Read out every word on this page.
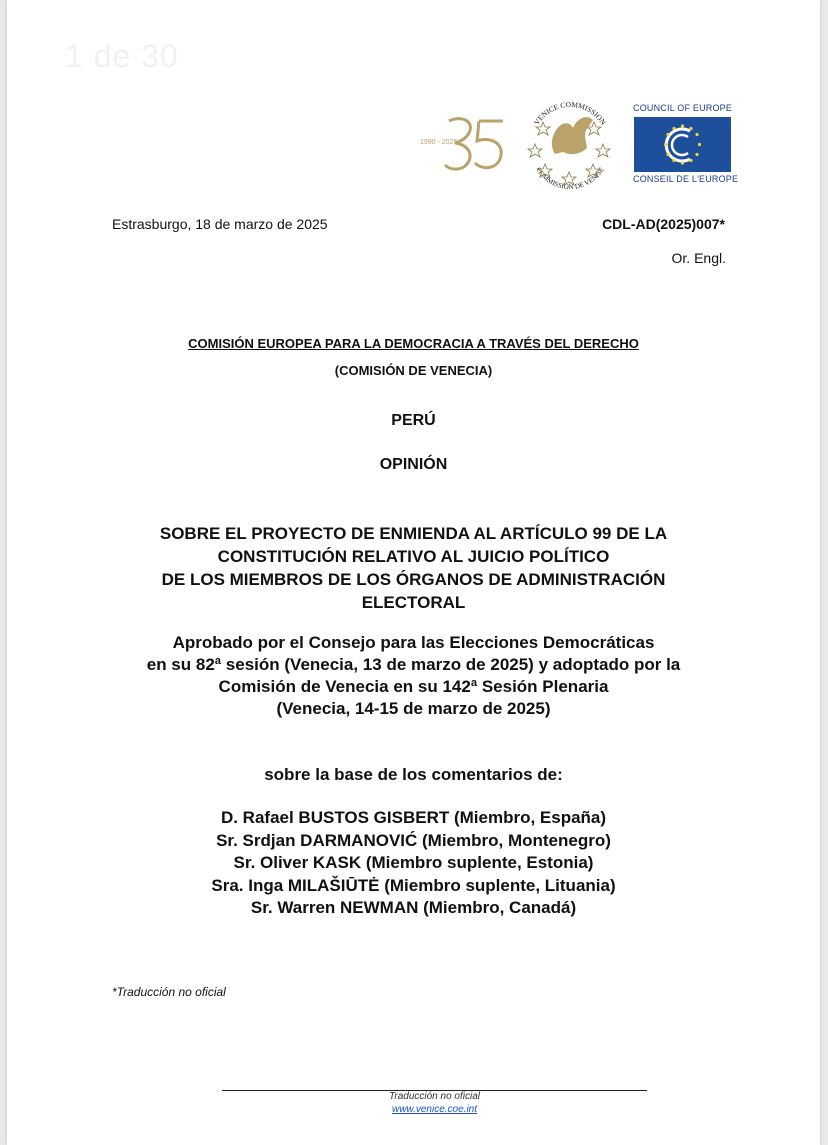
1 de 30
1990 - 2025
VENICE COMMISSION
COMMISSION DE VENISE
COUNCIL OF EUROPE
CONSEIL DE L'EUROPE
Estrasburgo, 18 de marzo de 2025	CDL-AD(2025)007*
Or. Engl.
COMISIÓN EUROPEA PARA LA DEMOCRACIA A TRAVÉS DEL DERECHO
(COMISIÓN DE VENECIA)
PERÚ
OPINIÓN
SOBRE EL PROYECTO DE ENMIENDA AL ARTÍCULO 99 DE LA
CONSTITUCIÓN RELATIVO AL JUICIO POLÍTICO
DE LOS MIEMBROS DE LOS ÓRGANOS DE ADMINISTRACIÓN
ELECTORAL
Aprobado por el Consejo para las Elecciones Democráticas
en su 82ª sesión (Venecia, 13 de marzo de 2025) y adoptado por la
Comisión de Venecia en su 142ª Sesión Plenaria
(Venecia, 14-15 de marzo de 2025)
sobre la base de los comentarios de:
D. Rafael BUSTOS GISBERT (Miembro, España)
Sr. Srdjan DARMANOVIĆ (Miembro, Montenegro)
Sr. Oliver KASK (Miembro suplente, Estonia)
Sra. Inga MILAŠIŪTĖ (Miembro suplente, Lituania)
Sr. Warren NEWMAN (Miembro, Canadá)
*Traducción no oficial
Traducción no oficial
www.venice.coe.int
